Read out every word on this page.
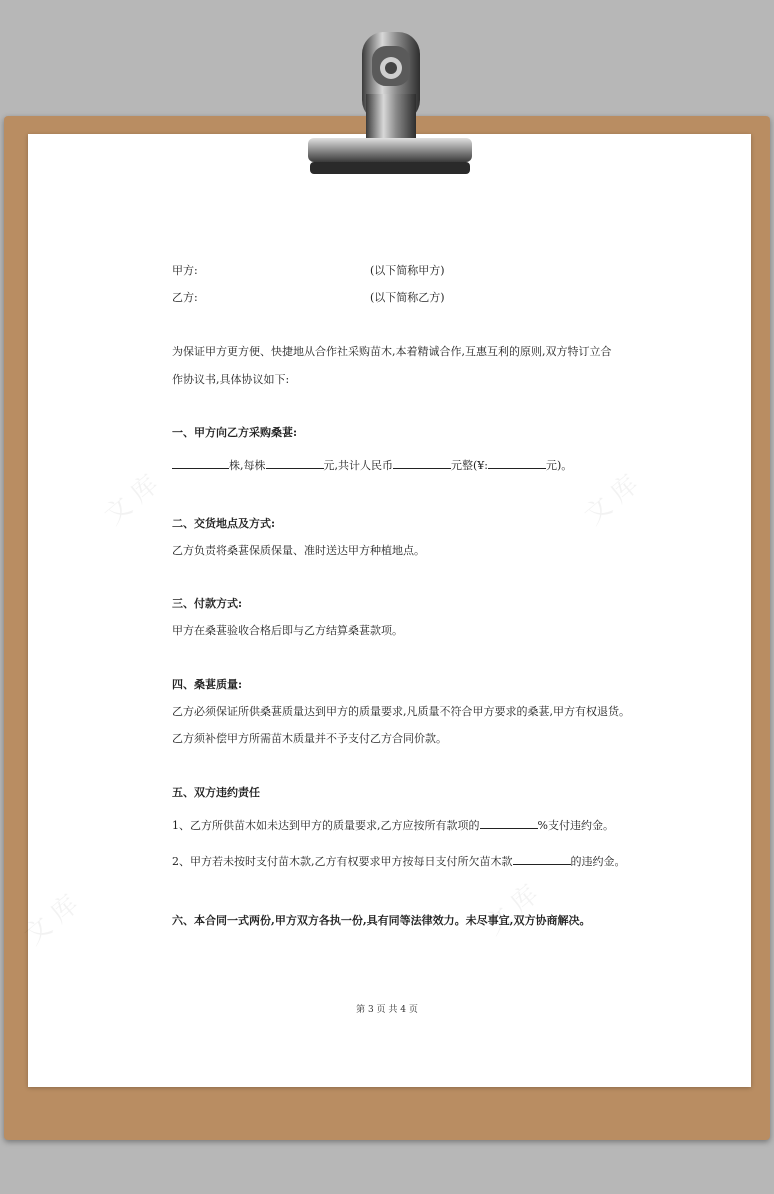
文 库	文 库
文 库	文 库
甲方:	(以下简称甲方)
乙方:	(以下简称乙方)
为保证甲方更方便、快捷地从合作社采购苗木,本着精诚合作,互惠互利的原则,双方特订立合
作协议书,具体协议如下:
一、甲方向乙方采购桑葚:
株,每株	元,共计人民币	元整(¥:	元)。
二、交货地点及方式:
乙方负责将桑葚保质保量、准时送达甲方种植地点。
三、付款方式:
甲方在桑葚验收合格后即与乙方结算桑葚款项。
四、桑葚质量:
乙方必须保证所供桑葚质量达到甲方的质量要求,凡质量不符合甲方要求的桑葚,甲方有权退货。
乙方须补偿甲方所需苗木质量并不予支付乙方合同价款。
五、双方违约责任
1、乙方所供苗木如未达到甲方的质量要求,乙方应按所有款项的	%支付违约金。
2、甲方若未按时支付苗木款,乙方有权要求甲方按每日支付所欠苗木款	的违约金。
六、本合同一式两份,甲方双方各执一份,具有同等法律效力。未尽事宜,双方协商解决。
第 3 页 共 4 页
